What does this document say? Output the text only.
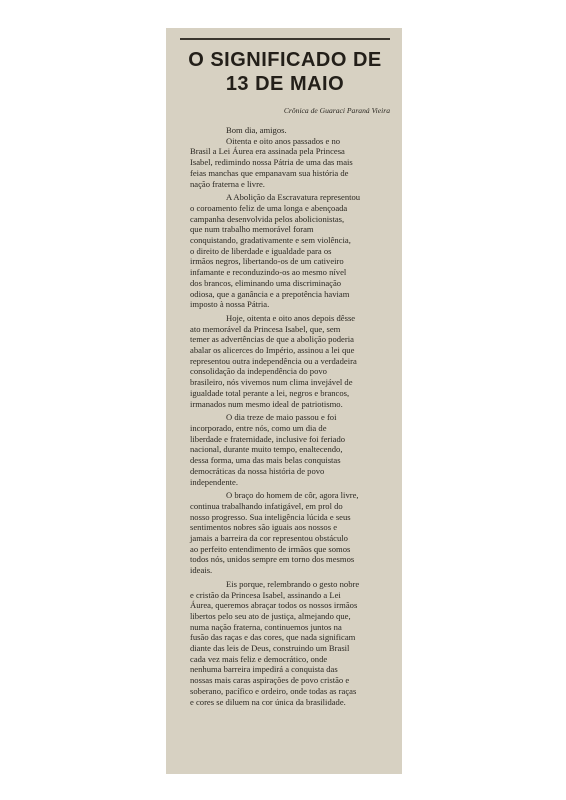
O SIGNIFICADO DE
13 DE MAIO
Crônica de Guaraci Paraná Vieira
Bom dia, amigos.
Oitenta e oito anos passados e no
Brasil a Lei Áurea era assinada pela Princesa
Isabel, redimindo nossa Pátria de uma das mais
feias manchas que empanavam sua história de
nação fraterna e livre.
A Abolição da Escravatura representou
o coroamento feliz de uma longa e abençoada
campanha desenvolvida pelos abolicionistas,
que num trabalho memorável foram
conquistando, gradativamente e sem violência,
o direito de liberdade e igualdade para os
irmãos negros, libertando-os de um cativeiro
infamante e reconduzindo-os ao mesmo nível
dos brancos, eliminando uma discriminação
odiosa, que a ganância e a prepotência haviam
imposto à nossa Pátria.
Hoje, oitenta e oito anos depois dêsse
ato memorável da Princesa Isabel, que, sem
temer as advertências de que a abolição poderia
abalar os alicerces do Império, assinou a lei que
representou outra independência ou a verdadeira
consolidação da independência do povo
brasileiro, nós vivemos num clima invejável de
igualdade total perante a lei, negros e brancos,
irmanados num mesmo ideal de patriotismo.
O dia treze de maio passou e foi
incorporado, entre nós, como um dia de
liberdade e fraternidade, inclusive foi feriado
nacional, durante muito tempo, enaltecendo,
dessa forma, uma das mais belas conquistas
democráticas da nossa história de povo
independente.
O braço do homem de côr, agora livre,
continua trabalhando infatigável, em prol do
nosso progresso. Sua inteligência lúcida e seus
sentimentos nobres são iguais aos nossos e
jamais a barreira da cor representou obstáculo
ao perfeito entendimento de irmãos que somos
todos nós, unidos sempre em torno dos mesmos
ideais.
Eis porque, relembrando o gesto nobre
e cristão da Princesa Isabel, assinando a Lei
Áurea, queremos abraçar todos os nossos irmãos
libertos pelo seu ato de justiça, almejando que,
numa nação fraterna, continuemos juntos na
fusão das raças e das cores, que nada significam
diante das leis de Deus, construindo um Brasil
cada vez mais feliz e democrático, onde
nenhuma barreira impedirá a conquista das
nossas mais caras aspirações de povo cristão e
soberano, pacífico e ordeiro, onde todas as raças
e cores se diluem na cor única da brasilidade.
